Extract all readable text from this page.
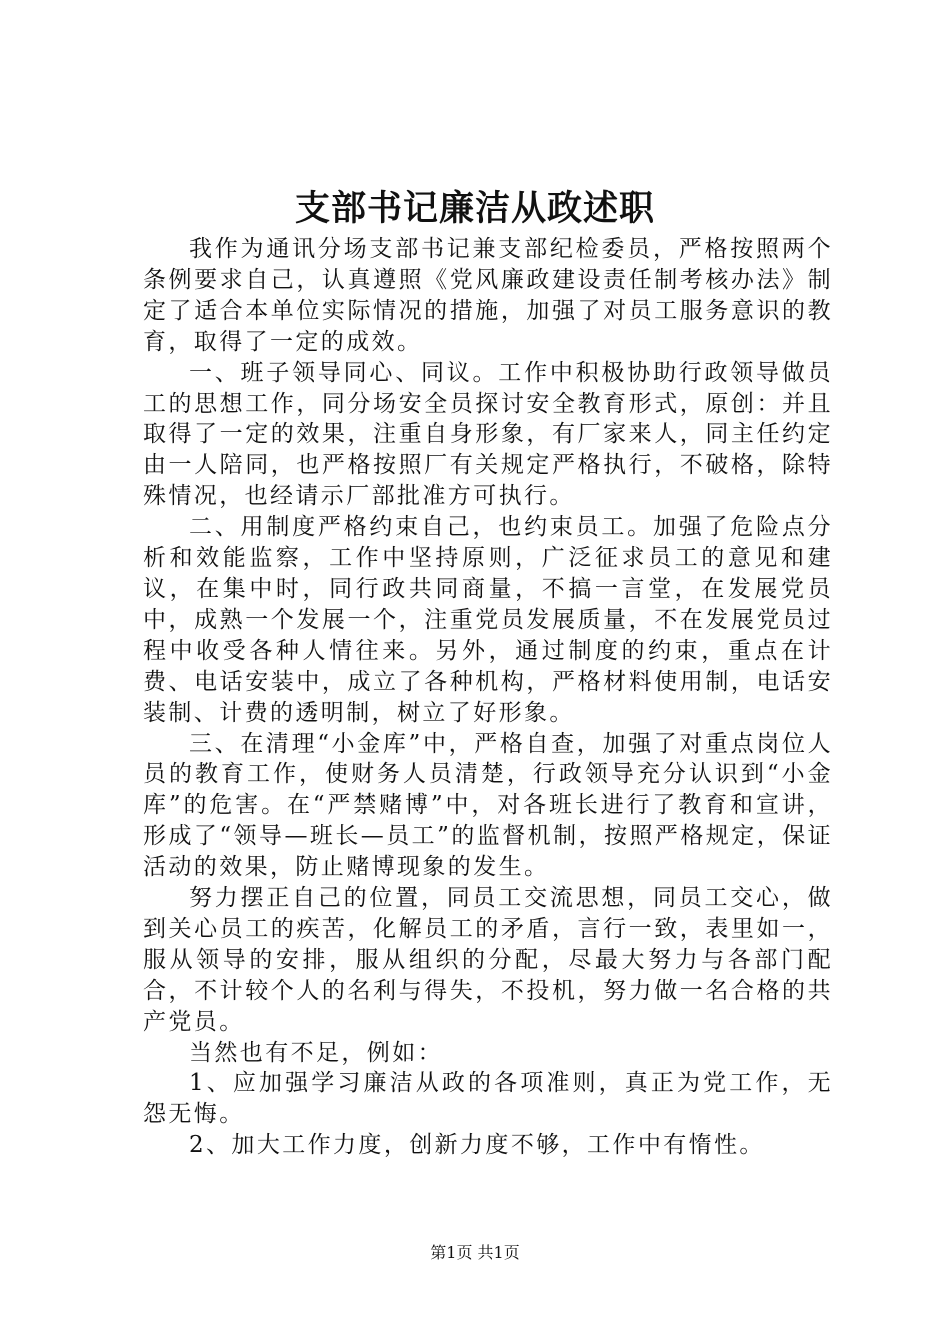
支部书记廉洁从政述职

我作为通讯分场支部书记兼支部纪检委员，严格按照两个条例要求自己，认真遵照《党风廉政建设责任制考核办法》制定了适合本单位实际情况的措施，加强了对员工服务意识的教育，取得了一定的成效。

一、班子领导同心、同议。工作中积极协助行政领导做员工的思想工作，同分场安全员探讨安全教育形式，原创：并且取得了一定的效果，注重自身形象，有厂家来人，同主任约定由一人陪同，也严格按照厂有关规定严格执行，不破格，除特殊情况，也经请示厂部批准方可执行。

二、用制度严格约束自己，也约束员工。加强了危险点分析和效能监察，工作中坚持原则，广泛征求员工的意见和建议，在集中时，同行政共同商量，不搞一言堂，在发展党员中，成熟一个发展一个，注重党员发展质量，不在发展党员过程中收受各种人情往来。另外，通过制度的约束，重点在计费、电话安装中，成立了各种机构，严格材料使用制，电话安装制、计费的透明制，树立了好形象。

三、在清理“小金库”中，严格自查，加强了对重点岗位人员的教育工作，使财务人员清楚，行政领导充分认识到“小金库”的危害。在“严禁赌博”中，对各班长进行了教育和宣讲，形成了“领导—班长—员工”的监督机制，按照严格规定，保证活动的效果，防止赌博现象的发生。

努力摆正自己的位置，同员工交流思想，同员工交心，做到关心员工的疾苦，化解员工的矛盾，言行一致，表里如一，服从领导的安排，服从组织的分配，尽最大努力与各部门配合，不计较个人的名利与得失，不投机，努力做一名合格的共产党员。

当然也有不足，例如：

1、应加强学习廉洁从政的各项准则，真正为党工作，无怨无悔。

2、加大工作力度，创新力度不够，工作中有惰性。

第1页 共1页
